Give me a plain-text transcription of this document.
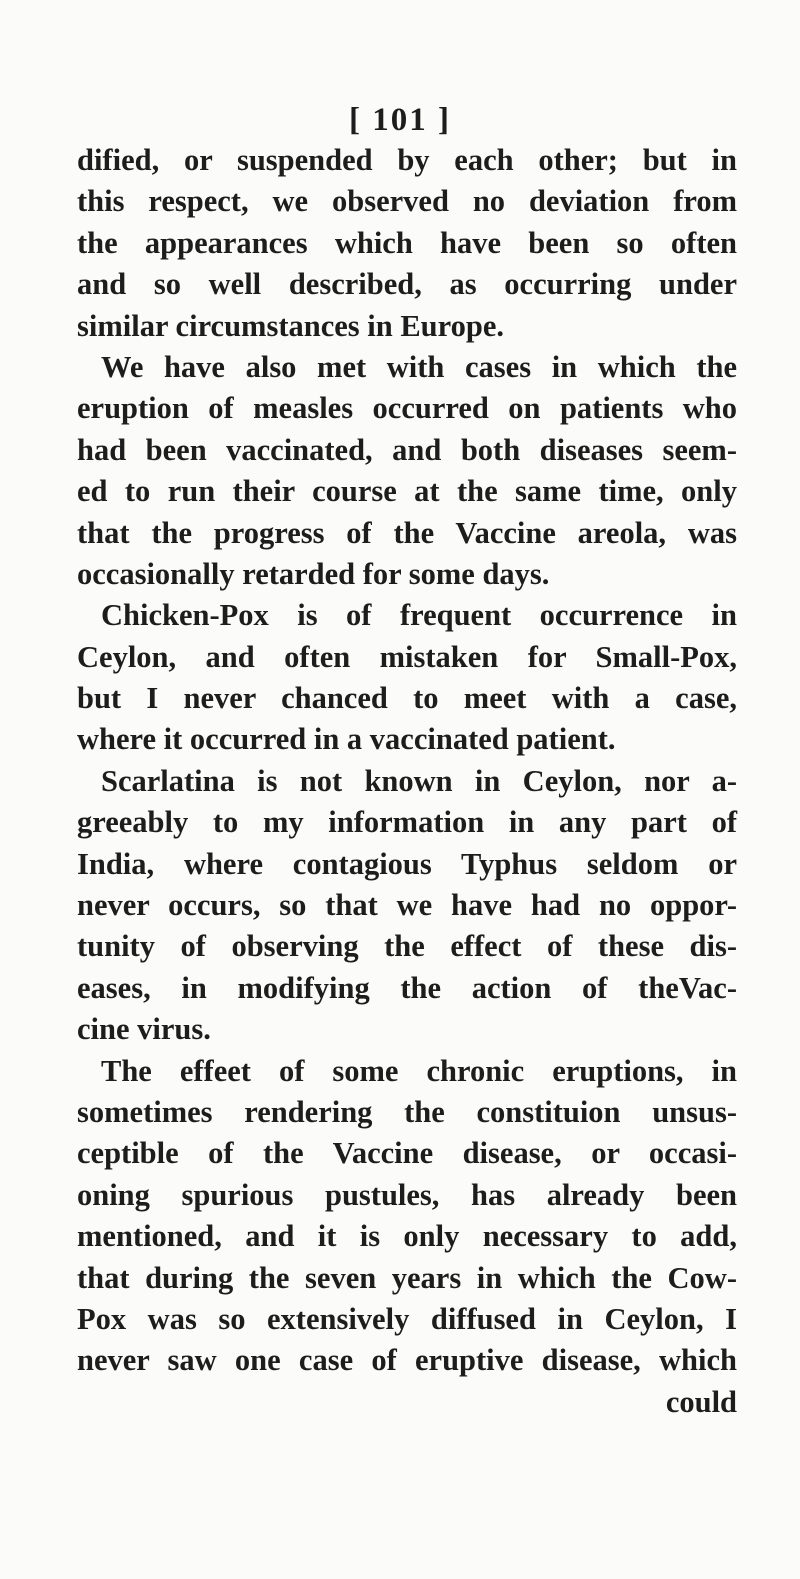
[ 101 ]
dified, or suspended by each other; but in
this respect, we observed no deviation from
the appearances which have been so often
and so well described, as occurring under
similar circumstances in Europe.
We have also met with cases in which the
eruption of measles occurred on patients who
had been vaccinated, and both diseases seem-
ed to run their course at the same time, only
that the progress of the Vaccine areola, was
occasionally retarded for some days.
Chicken-Pox is of frequent occurrence in
Ceylon, and often mistaken for Small-Pox,
but I never chanced to meet with a case,
where it occurred in a vaccinated patient.
Scarlatina is not known in Ceylon, nor a-
greeably to my information in any part of
India, where contagious Typhus seldom or
never occurs, so that we have had no oppor-
tunity of observing the effect of these dis-
eases, in modifying the action of theVac-
cine virus.
The effeet of some chronic eruptions, in
sometimes rendering the constituion unsus-
ceptible of the Vaccine disease, or occasi-
oning spurious pustules, has already been
mentioned, and it is only necessary to add,
that during the seven years in which the Cow-
Pox was so extensively diffused in Ceylon, I
never saw one case of eruptive disease, which
could
